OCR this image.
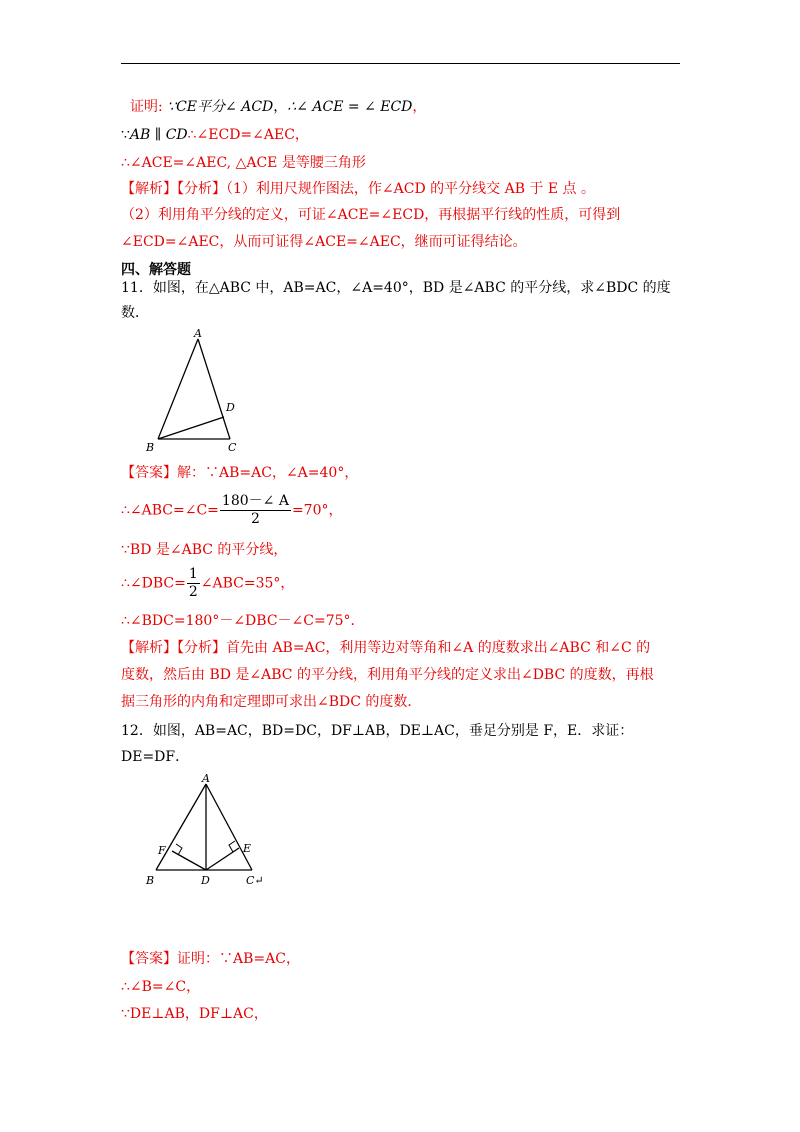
证明: ∵CE平分∠ ACD，∴∠ ACE = ∠ ECD，
∵AB ∥ CD∴∠ECD=∠AEC，
∴∠ACE=∠AEC, △ACE 是等腰三角形
【解析】【分析】（1）利用尺规作图法，作∠ACD 的平分线交 AB 于 E 点 。
（2）利用角平分线的定义，可证∠ACE=∠ECD，再根据平行线的性质，可得到
∠ECD=∠AEC，从而可证得∠ACE=∠AEC，继而可证得结论。
四、解答题
11．如图，在△ABC 中，AB=AC，∠A=40°，BD 是∠ABC 的平分线，求∠BDC 的度
数．
A
B	C
D
【答案】解：∵AB=AC，∠A=40°，
∴∠ABC=∠C= $\frac{180-\angle A}{2} =70^\circ$，
∵BD 是∠ABC 的平分线，
∴∠DBC= $\frac{1}{2}$ ∠ABC=35°，
∴∠BDC=180°－∠DBC－∠C=75°．
【解析】【分析】首先由 AB=AC，利用等边对等角和∠A 的度数求出∠ABC 和∠C 的
度数，然后由 BD 是∠ABC 的平分线，利用角平分线的定义求出∠DBC 的度数，再根
据三角形的内角和定理即可求出∠BDC 的度数．
12．如图，AB=AC，BD=DC，DF⊥AB，DE⊥AC，垂足分别是 F，E．求证：
DE=DF．
A
B	C↵
D
E
F
【答案】证明：∵AB=AC，
∴∠B=∠C，
∵DE⊥AB，DF⊥AC，
